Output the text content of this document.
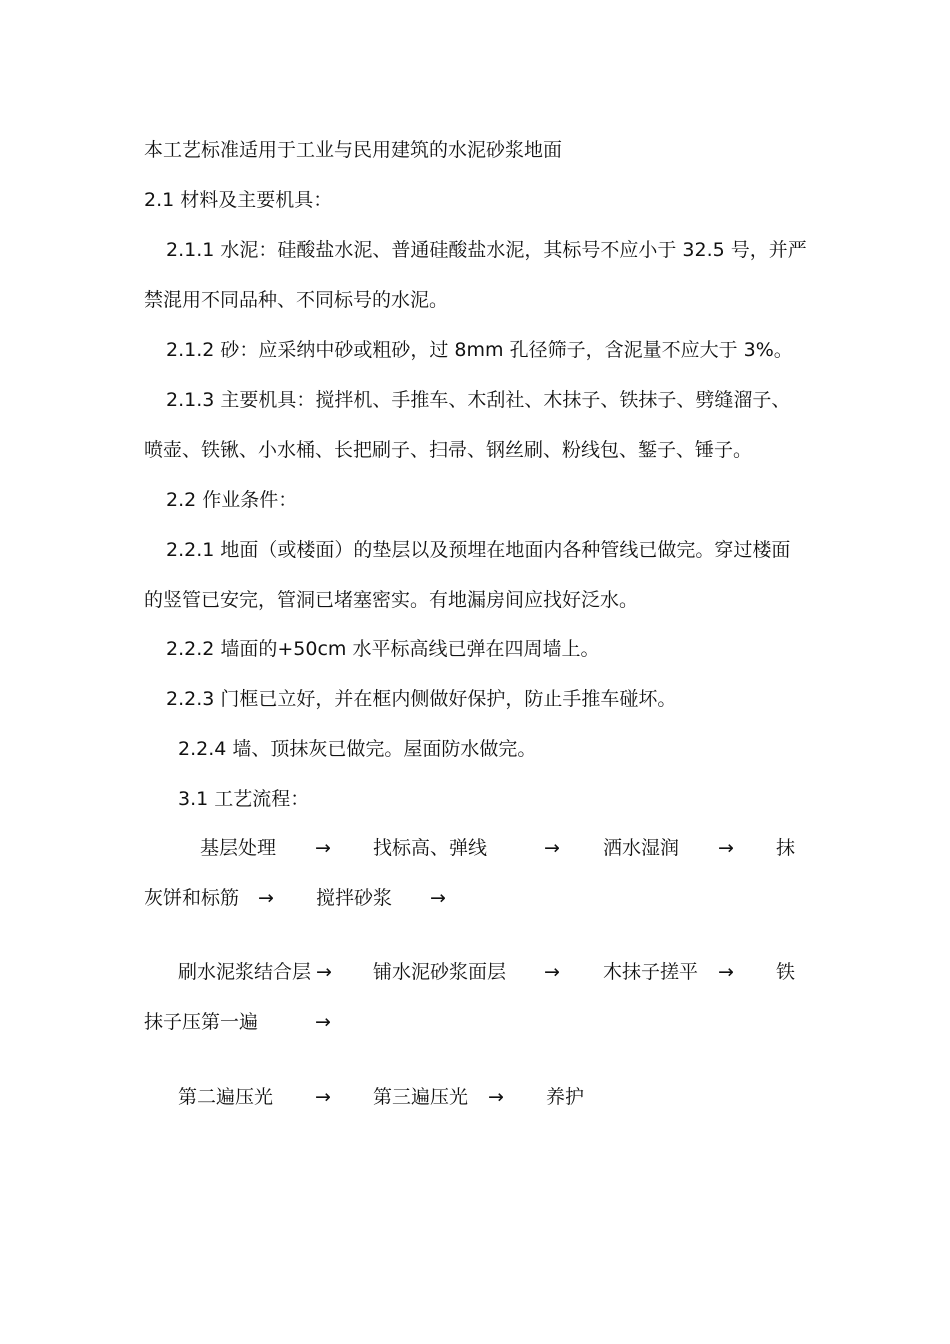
本工艺标准适用于工业与民用建筑的水泥砂浆地面
2.1 材料及主要机具：
2.1.1 水泥：硅酸盐水泥、普通硅酸盐水泥，其标号不应小于 32.5 号，并严
禁混用不同品种、不同标号的水泥。
2.1.2 砂：应采纳中砂或粗砂，过 8mm 孔径筛子，含泥量不应大于 3%。
2.1.3 主要机具：搅拌机、手推车、木刮社、木抹子、铁抹子、劈缝溜子、
喷壶、铁锹、小水桶、长把刷子、扫帚、钢丝刷、粉线包、錾子、锤子。
2.2 作业条件：
2.2.1 地面（或楼面）的垫层以及预埋在地面内各种管线已做完。穿过楼面
的竖管已安完，管洞已堵塞密实。有地漏房间应找好泛水。
2.2.2 墙面的+50cm 水平标高线已弹在四周墙上。
2.2.3 门框已立好，并在框内侧做好保护，防止手推车碰坏。
2.2.4 墙、顶抹灰已做完。屋面防水做完。
3.1 工艺流程：
基层处理 → 找标高、弹线	→ 洒水湿润 → 抹
灰饼和标筋 → 搅拌砂浆 →
刷水泥浆结合层 → 铺水泥砂浆面层 → 木抹子搓平 → 铁
抹子压第一遍	→
第二遍压光 → 第三遍压光 → 养护
